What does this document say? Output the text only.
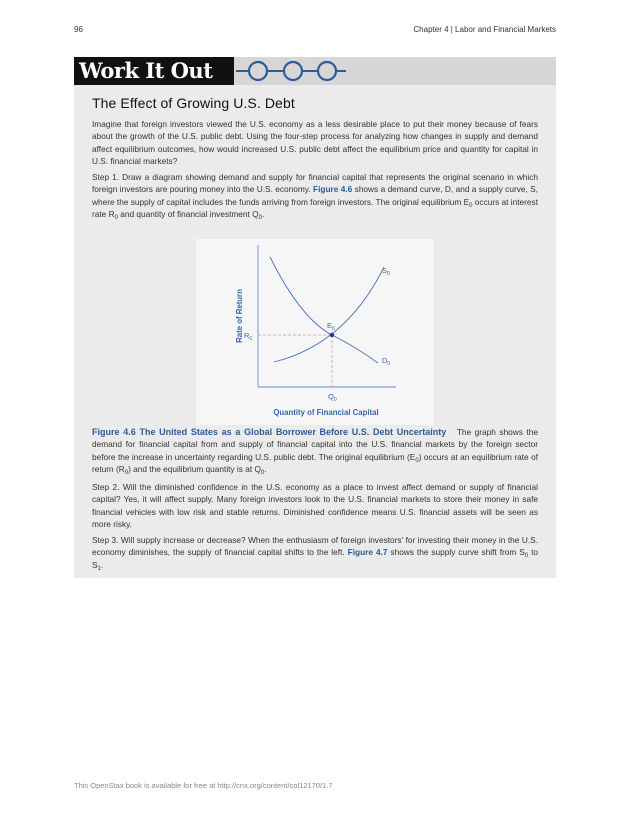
96	Chapter 4 | Labor and Financial Markets
Work It Out
The Effect of Growing U.S. Debt

Imagine that foreign investors viewed the U.S. economy as a less desirable place to put their money because of fears about the growth of the U.S. public debt. Using the four-step process for analyzing how changes in supply and demand affect equilibrium outcomes, how would increased U.S. public debt affect the equilibrium price and quantity for capital in U.S. financial markets?

Step 1. Draw a diagram showing demand and supply for financial capital that represents the original scenario in which foreign investors are pouring money into the U.S. economy. Figure 4.6 shows a demand curve, D, and a supply curve, S, where the supply of capital includes the funds arriving from foreign investors. The original equilibrium $E_0$ occurs at interest rate $R_0$ and quantity of financial investment $Q_0$.

$S_0$
$D_0$
$E_0$
$R_0$
$Q_0$
Quantity of Financial Capital
Rate of Return

Figure 4.6 The United States as a Global Borrower Before U.S. Debt Uncertainty The graph shows the demand for financial capital from and supply of financial capital into the U.S. financial markets by the foreign sector before the increase in uncertainty regarding U.S. public debt. The original equilibrium $(E_0)$ occurs at an equilibrium rate of return $(R_0)$ and the equilibrium quantity is at $Q_0$.

Step 2. Will the diminished confidence in the U.S. economy as a place to invest affect demand or supply of financial capital? Yes, it will affect supply. Many foreign investors look to the U.S. financial markets to store their money in safe financial vehicles with low risk and stable returns. Diminished confidence means U.S. financial assets will be seen as more risky.

Step 3. Will supply increase or decrease? When the enthusiasm of foreign investors' for investing their money in the U.S. economy diminishes, the supply of financial capital shifts to the left. Figure 4.7 shows the supply curve shift from $S_0$ to $S_1$.

This OpenStax book is available for free at http://cnx.org/content/col12170/1.7
